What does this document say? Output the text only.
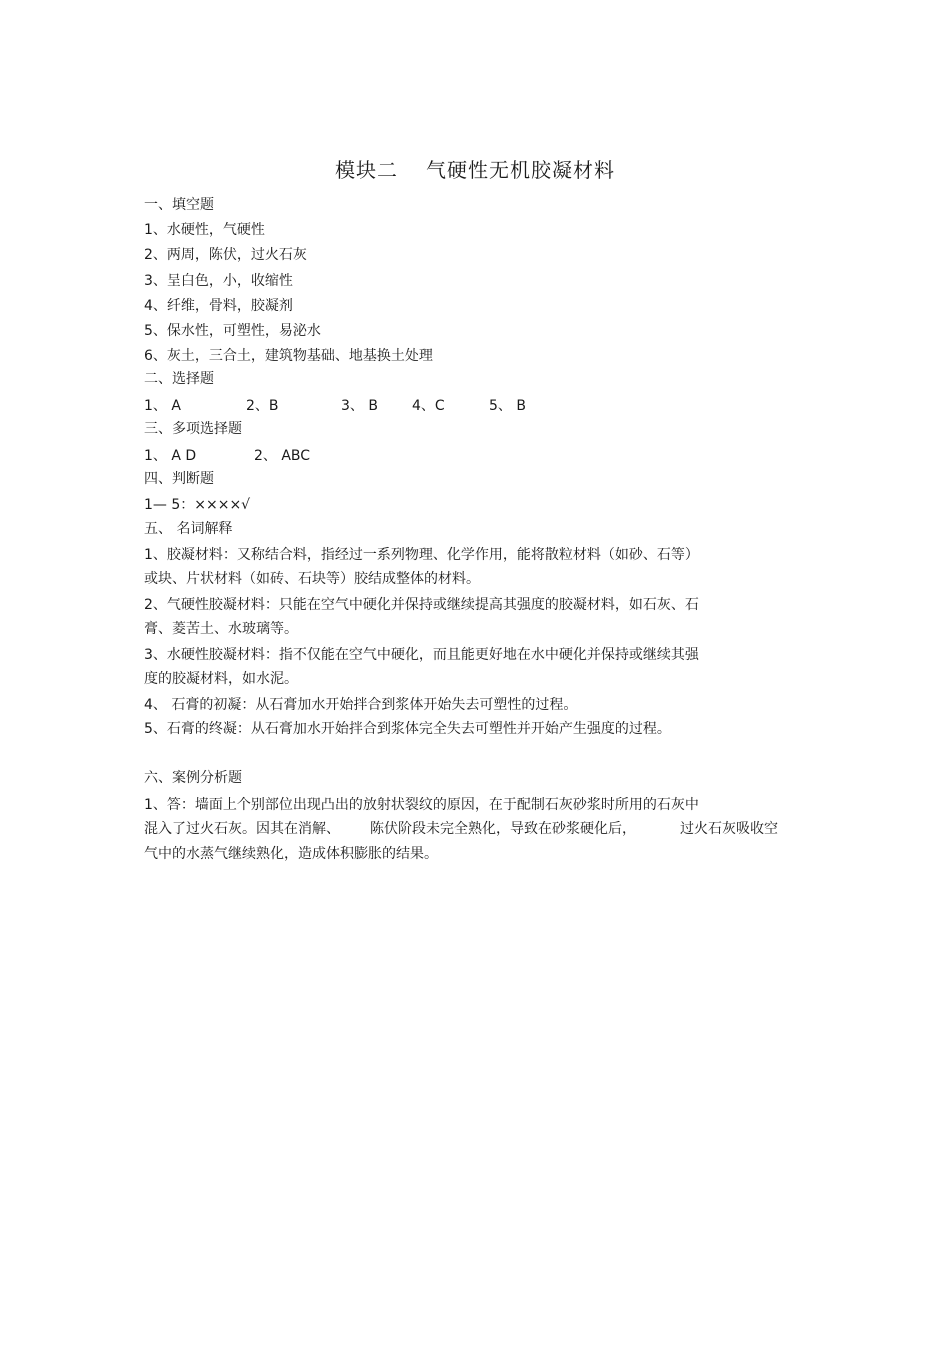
模块二 气硬性无机胶凝材料
一、填空题
1、水硬性，气硬性
2、两周，陈伏，过火石灰
3、呈白色，小，收缩性
4、纤维，骨料，胶凝剂
5、保水性，可塑性，易泌水
6、灰土，三合土，建筑物基础、地基换土处理
二、选择题
1、 A	2、B	3、 B 4、C	5、 B
三、多项选择题
1、 A D	2、 ABC
四、判断题
1— 5：××××√
五、 名词解释
1、胶凝材料：又称结合料，指经过一系列物理、化学作用，能将散粒材料（如砂、石等）
或块、片状材料（如砖、石块等）胶结成整体的材料。
2、气硬性胶凝材料：只能在空气中硬化并保持或继续提高其强度的胶凝材料，如石灰、石
膏、菱苦土、水玻璃等。
3、水硬性胶凝材料：指不仅能在空气中硬化，而且能更好地在水中硬化并保持或继续其强
度的胶凝材料，如水泥。
4、 石膏的初凝：从石膏加水开始拌合到浆体开始失去可塑性的过程。
5、石膏的终凝：从石膏加水开始拌合到浆体完全失去可塑性并开始产生强度的过程。
六、案例分析题
1、答：墙面上个别部位出现凸出的放射状裂纹的原因，在于配制石灰砂浆时所用的石灰中
混入了过火石灰。因其在消解、 陈伏阶段未完全熟化，导致在砂浆硬化后，	过火石灰吸收空
气中的水蒸气继续熟化，造成体积膨胀的结果。
